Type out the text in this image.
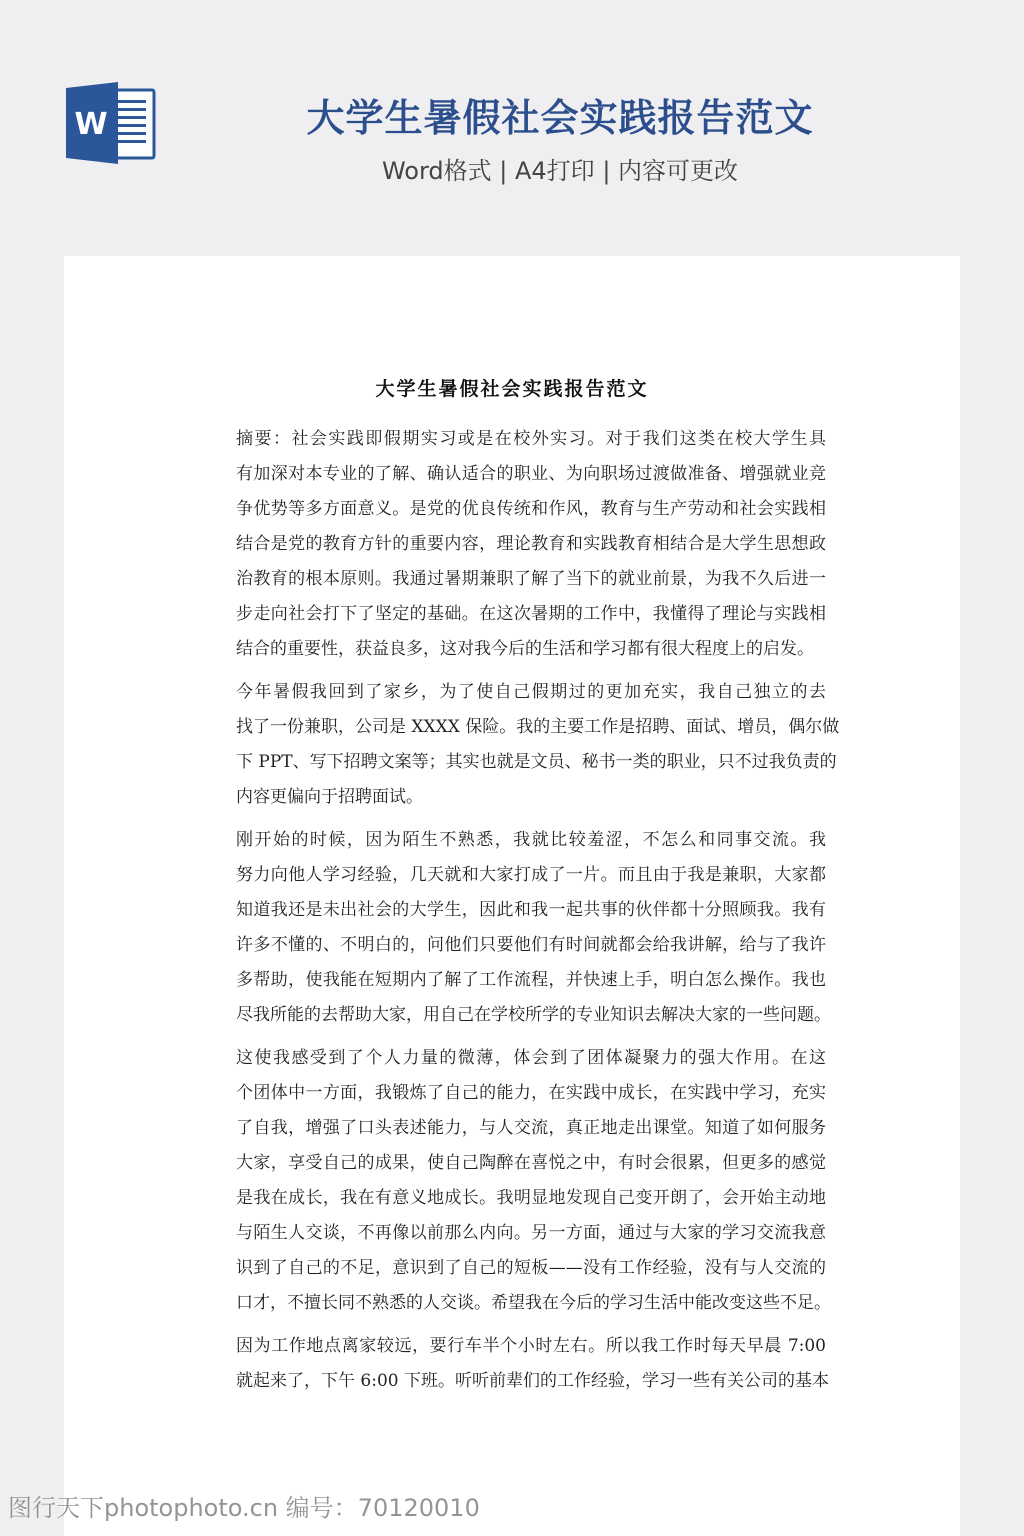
W	大学生暑假社会实践报告范文
Word格式 | A4打印 | 内容可更改
大学生暑假社会实践报告范文
摘要：社会实践即假期实习或是在校外实习。对于我们这类在校大学生具
有加深对本专业的了解、确认适合的职业、为向职场过渡做准备、增强就业竞
争优势等多方面意义。是党的优良传统和作风，教育与生产劳动和社会实践相
结合是党的教育方针的重要内容，理论教育和实践教育相结合是大学生思想政
治教育的根本原则。我通过暑期兼职了解了当下的就业前景，为我不久后进一
步走向社会打下了坚定的基础。在这次暑期的工作中，我懂得了理论与实践相
结合的重要性，获益良多，这对我今后的生活和学习都有很大程度上的启发。
今年暑假我回到了家乡，为了使自己假期过的更加充实，我自己独立的去
找了一份兼职，公司是 XXXX 保险。我的主要工作是招聘、面试、增员，偶尔做
下 PPT、写下招聘文案等；其实也就是文员、秘书一类的职业，只不过我负责的
内容更偏向于招聘面试。
刚开始的时候，因为陌生不熟悉，我就比较羞涩，不怎么和同事交流。我
努力向他人学习经验，几天就和大家打成了一片。而且由于我是兼职，大家都
知道我还是未出社会的大学生，因此和我一起共事的伙伴都十分照顾我。我有
许多不懂的、不明白的，问他们只要他们有时间就都会给我讲解，给与了我许
多帮助，使我能在短期内了解了工作流程，并快速上手，明白怎么操作。我也
尽我所能的去帮助大家，用自己在学校所学的专业知识去解决大家的一些问题。
这使我感受到了个人力量的微薄，体会到了团体凝聚力的强大作用。在这
个团体中一方面，我锻炼了自己的能力，在实践中成长，在实践中学习，充实
了自我，增强了口头表述能力，与人交流，真正地走出课堂。知道了如何服务
大家，享受自己的成果，使自己陶醉在喜悦之中，有时会很累，但更多的感觉
是我在成长，我在有意义地成长。我明显地发现自己变开朗了，会开始主动地
与陌生人交谈，不再像以前那么内向。另一方面，通过与大家的学习交流我意
识到了自己的不足，意识到了自己的短板——没有工作经验，没有与人交流的
口才，不擅长同不熟悉的人交谈。希望我在今后的学习生活中能改变这些不足。
因为工作地点离家较远，要行车半个小时左右。所以我工作时每天早晨 7:00
就起来了，下午 6:00 下班。听听前辈们的工作经验，学习一些有关公司的基本
图行天下photophoto.cn 编号：70120010
